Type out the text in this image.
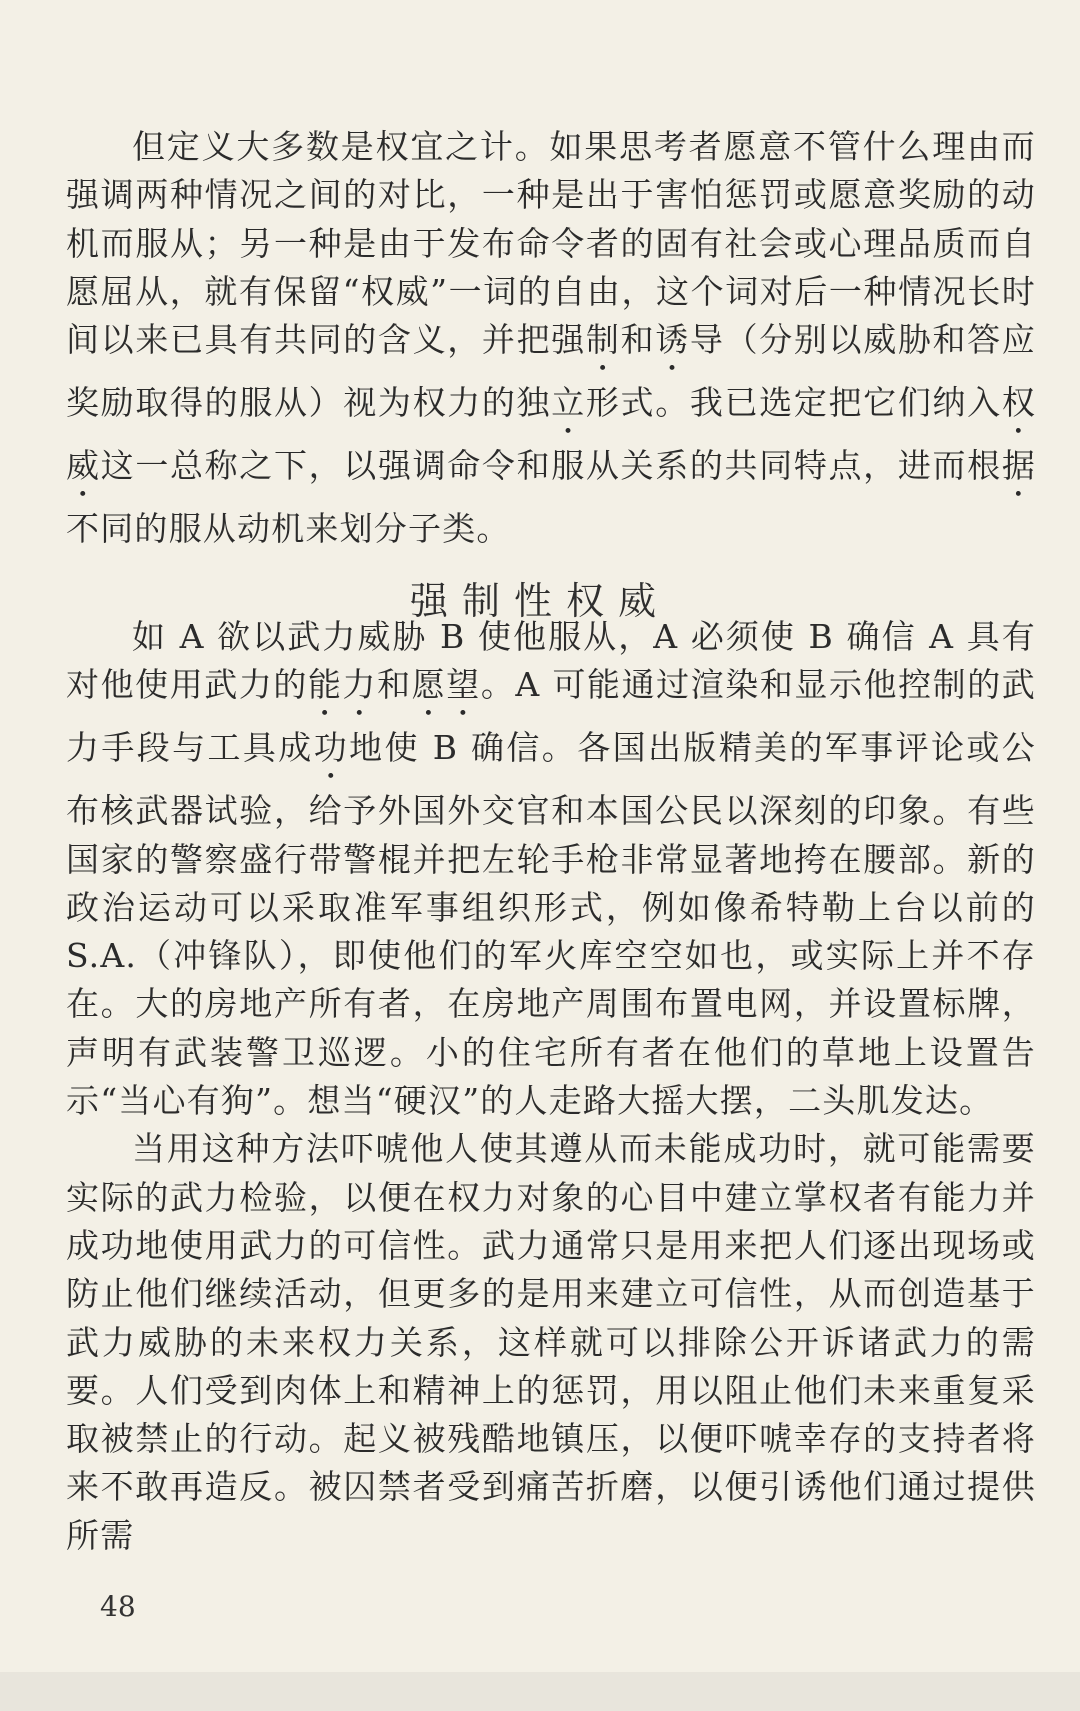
但定义大多数是权宜之计。如果思考者愿意不管什么理由而强调两种情况之间的对比，一种是出于害怕惩罚或愿意奖励的动机而服从；另一种是由于发布命令者的固有社会或心理品质而自愿屈从，就有保留“权威”一词的自由，这个词对后一种情况长时间以来已具有共同的含义，并把强制和诱导（分别以威胁和答应奖励取得的服从）视为权力的独立形式。我已选定把它们纳入权威这一总称之下，以强调命令和服从关系的共同特点，进而根据不同的服从动机来划分子类。

强制性权威

如 A 欲以武力威胁 B 使他服从，A 必须使 B 确信 A 具有对他使用武力的能力和愿望。A 可能通过渲染和显示他控制的武力手段与工具成功地使 B 确信。各国出版精美的军事评论或公布核武器试验，给予外国外交官和本国公民以深刻的印象。有些国家的警察盛行带警棍并把左轮手枪非常显著地挎在腰部。新的政治运动可以采取准军事组织形式，例如像希特勒上台以前的 S.A.（冲锋队），即使他们的军火库空空如也，或实际上并不存在。大的房地产所有者，在房地产周围布置电网，并设置标牌，声明有武装警卫巡逻。小的住宅所有者在他们的草地上设置告示“当心有狗”。想当“硬汉”的人走路大摇大摆，二头肌发达。

当用这种方法吓唬他人使其遵从而未能成功时，就可能需要实际的武力检验，以便在权力对象的心目中建立掌权者有能力并成功地使用武力的可信性。武力通常只是用来把人们逐出现场或防止他们继续活动，但更多的是用来建立可信性，从而创造基于武力威胁的未来权力关系，这样就可以排除公开诉诸武力的需要。人们受到肉体上和精神上的惩罚，用以阻止他们未来重复采取被禁止的行动。起义被残酷地镇压，以便吓唬幸存的支持者将来不敢再造反。被囚禁者受到痛苦折磨，以便引诱他们通过提供所需

48
